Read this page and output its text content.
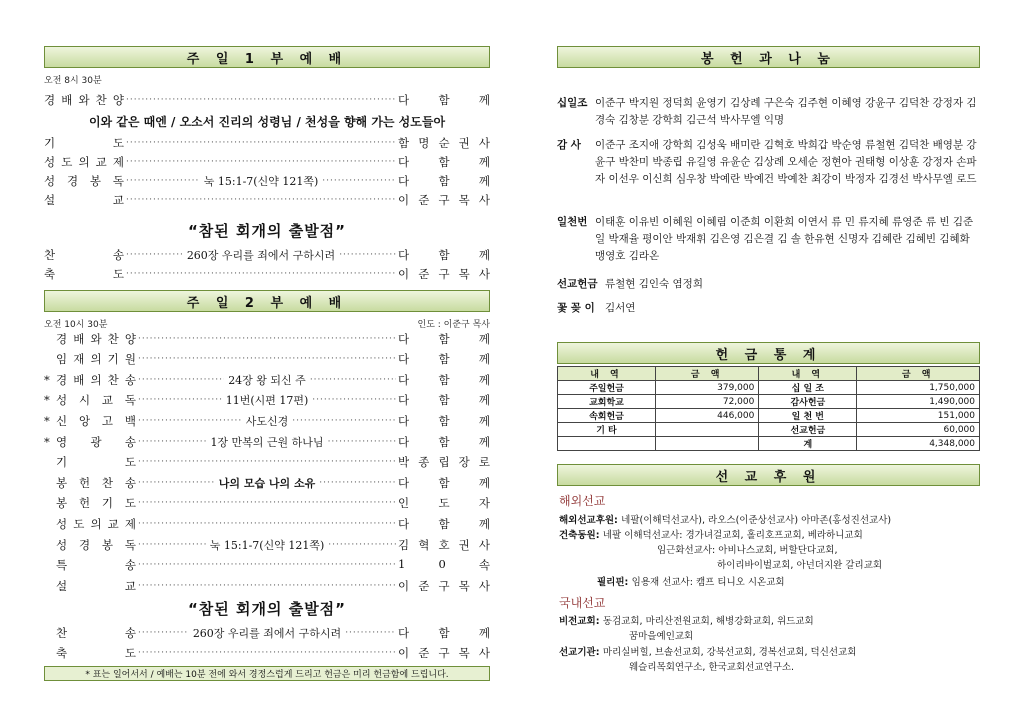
주 일 1 부 예 배
오전 8시 30분
경 배 와 찬 양 ·····	다	함	께
기	도 ·····	함 명 순 권 사
성 도 의 교 제 ·····	다	함	께
성 경 봉 독 ·····	눅 15:1-7(신약 121쪽) ·····	다	함	께
설	교 ·····	이 준 구 목 사
이와 같은 때엔 / 오소서 진리의 성령님 / 천성을 향해 가는 성도들아
“참된 회개의 출발점”
찬	송 ·····	260장 우리를 죄에서 구하시려 ·····	다	함	께
축	도 ·····	이 준 구 목 사
주 일 2 부 예 배
오전 10시 30분	인도 : 이준구 목사
경 배 와 찬 양 ·····	다	함	께
임 재 의 기 원 ·····	다	함	께
* 경 배 의 찬 송 ·····	24장 왕 되신 주 ·····	다	함	께
* 성 시 교 독 ·····	11번(시편 17편) ·····	다	함	께
* 신 앙 고 백 ·····	사도신경 ·····	다	함	께
* 영 광 송 ·····	1장 만복의 근원 하나님 ·····	다	함	께
기	도 ·····	박 종 립 장 로
봉 헌 찬 송 ·····	나의 모습 나의 소유 ·····	다	함	께
봉 헌 기 도 ·····	인	도	자
성 도 의 교 제 ·····	다	함	께
성 경 봉 독 ·····	눅 15:1-7(신약 121쪽) ·····	김 혁 호 권 사
특	송 ·····	1	0	속
설	교 ·····	이 준 구 목 사
“참된 회개의 출발점”
찬	송 ·····	260장 우리를 죄에서 구하시려 ·····	다	함	께
축	도 ·····	이 준 구 목 사
* 표는 일어서서 / 예배는 10분 전에 와서 경정스럽게 드리고 헌금은 미리 헌금함에 드립니다.
봉 헌 과 나 눔
십일조 이준구 박지원 정덕희 윤영기 김상례 구은숙 김주현 이혜영 강윤구 김덕찬 강정자 김경숙 김창분 강학희 김근석 박사무엘 익명
감 사	이준구 조지애 강학희 김성욱 배미란 김혁호 박희갑 박순영 류철현 김덕찬 배영분 강윤구 박찬미 박종립 유길영 유윤순 김상례 오세순 정현아 권태형 이상훈 강정자 손파자 이선우 이신희 심우창 박예란 박예건 박예찬 최강이 박정자 김경선 박사무엘 로드
일천번 이태훈 이유빈 이혜원 이혜림 이준희 이환희 이연서 류 민 류지혜 류영준 류 빈 김준일 박재율 평이안 박재휘 김은영 김은결 김 솔 한유현 신명자 김혜란 김혜빈 김혜화 맹영호 김라온
선교헌금 류철현 김인숙 염정희
꽃 꽂 이 김서연
헌 금 통 계
내 역	금 액	내 역	금 액
주일헌금	379,000	십 일 조	1,750,000
교회학교	72,000	감사헌금	1,490,000
속회헌금	446,000	일 천 번	151,000
기 타		선교헌금	60,000
		계	4,348,000
선 교 후 원
해외선교
해외선교후원: 네팔(이해덕선교사), 라오스(이준상선교사) 아마존(홍성진선교사)
건축동원: 네팔 이해덕선교사: 경가녀걸교회, 홀리호프교회, 베라하니교회
임근화선교사: 아비나스교회, 버할단다교회,
하이리바이벌교회, 아넌더지완 갈리교회
필리핀: 임용재 선교사: 캠프 티니오 시온교회
국내선교
비전교회: 동검교회, 마리산전원교회, 해병강화교회, 위드교회
꿈마을예인교회
선교기관: 마리실버힐, 브솔선교회, 강북선교회, 경복선교회, 덕신선교회
웨슬리목회연구소, 한국교회선교연구소.
